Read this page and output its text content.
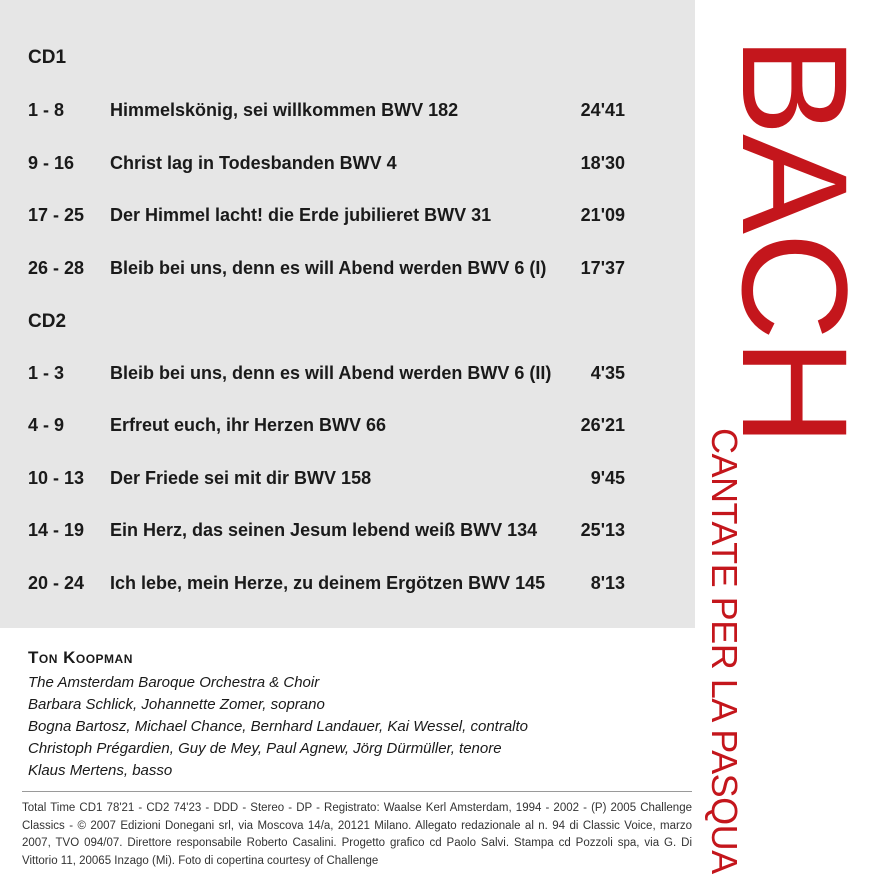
CD1
1 - 8	Himmelskönig, sei willkommen BWV 182	24'41
9 - 16 Christ lag in Todesbanden BWV 4	18'30
17 - 25 Der Himmel lacht! die Erde jubilieret BWV 31	21'09
26 - 28 Bleib bei uns, denn es will Abend werden BWV 6 (I) 17'37
CD2
1 - 3	Bleib bei uns, denn es will Abend werden BWV 6 (II) 4'35
4 - 9	Erfreut euch, ihr Herzen BWV 66	26'21
10 - 13 Der Friede sei mit dir BWV 158	9'45
14 - 19 Ein Herz, das seinen Jesum lebend weiß BWV 134 25'13
20 - 24 Ich lebe, mein Herze, zu deinem Ergötzen BWV 145	8'13
Ton Koopman
The Amsterdam Baroque Orchestra & Choir
Barbara Schlick, Johannette Zomer, soprano
Bogna Bartosz, Michael Chance, Bernhard Landauer, Kai Wessel, contralto
Christoph Prégardien, Guy de Mey, Paul Agnew, Jörg Dürmüller, tenore
Klaus Mertens, basso
Total Time CD1 78'21 - CD2 74'23 - DDD - Stereo - DP - Registrato: Waalse Kerl Amsterdam, 1994 - 2002 - (P) 2005 Challenge Classics - © 2007 Edizioni Donegani srl, via Moscova 14/a, 20121 Milano. Allegato redazionale al n. 94 di Classic Voice, marzo 2007, TVO 094/07. Direttore responsabile Roberto Casalini. Progetto grafico cd Paolo Salvi. Stampa cd Pozzoli spa, via G. Di Vittorio 11, 20065 Inzago (Mi). Foto di copertina courtesy of Challenge
BACH
CANTATE PER LA PASQUA
